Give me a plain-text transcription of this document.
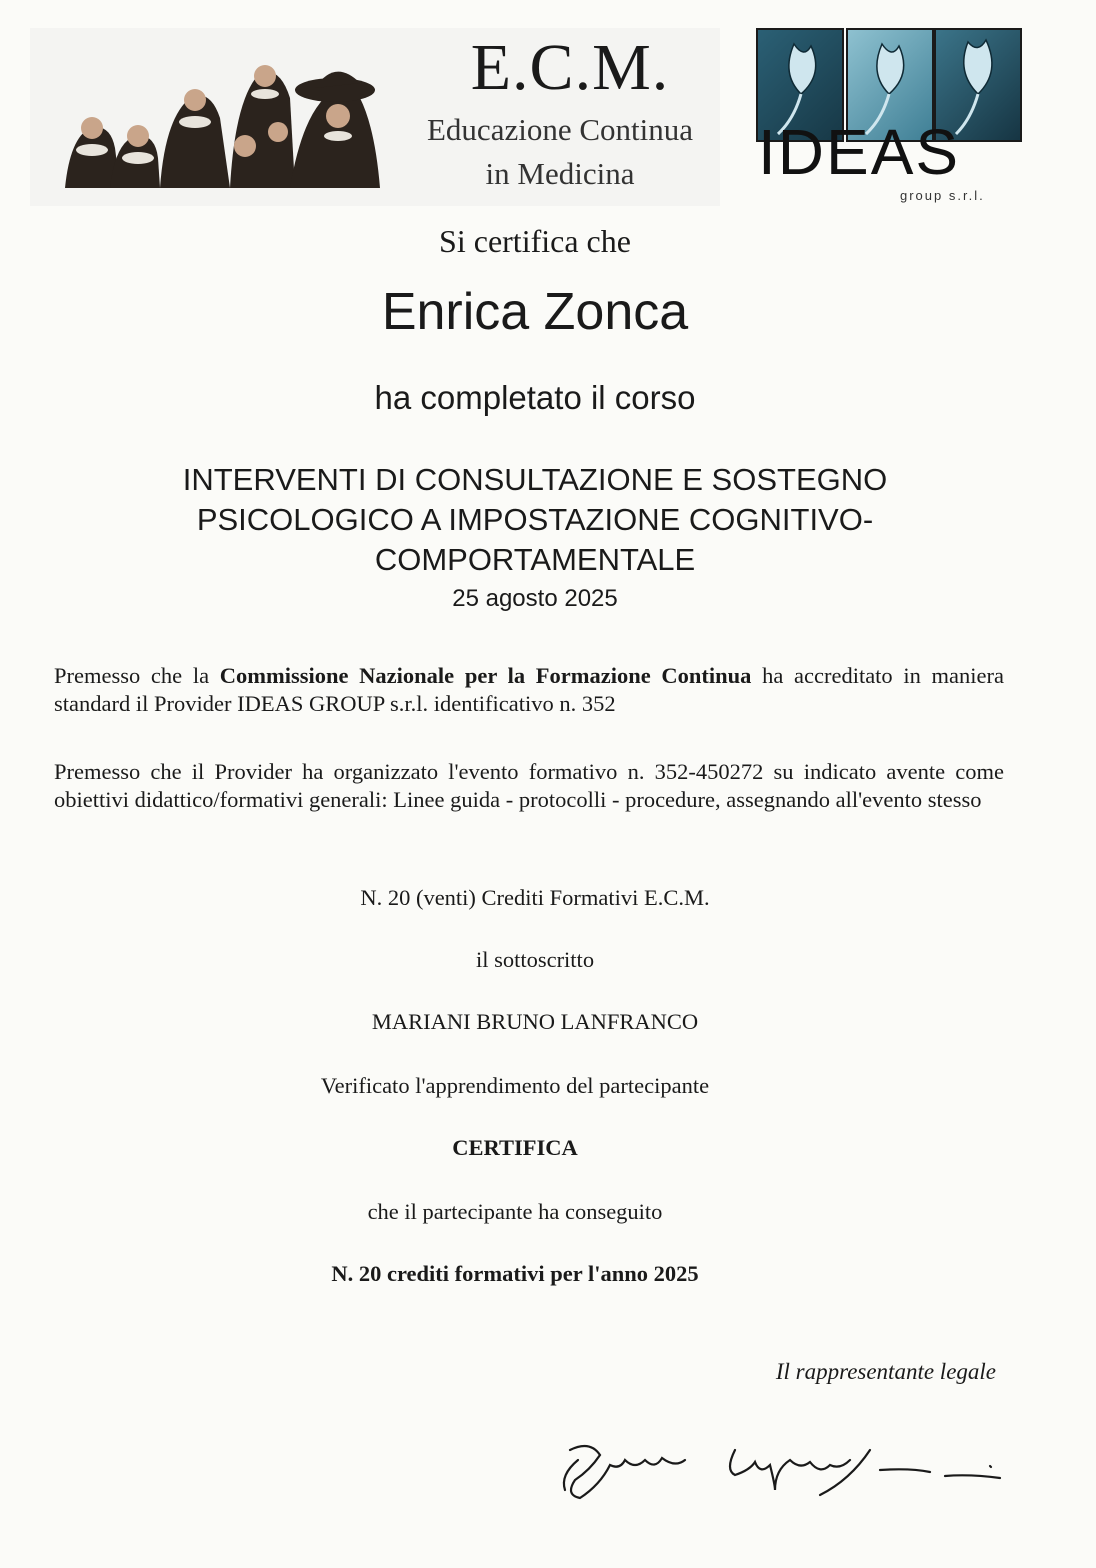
E.C.M.
Educazione Continua
in Medicina	IDEAS
group s.r.l.
Si certifica che
Enrica Zonca
ha completato il corso
INTERVENTI DI CONSULTAZIONE E SOSTEGNO
PSICOLOGICO A IMPOSTAZIONE COGNITIVO-
COMPORTAMENTALE
25 agosto 2025
Premesso che la Commissione Nazionale per la Formazione Continua ha accreditato in maniera standard il Provider IDEAS GROUP s.r.l. identificativo n. 352
Premesso che il Provider ha organizzato l'evento formativo n. 352-450272 su indicato avente come obiettivi didattico/formativi generali: Linee guida - protocolli - procedure, assegnando all'evento stesso
N. 20 (venti) Crediti Formativi E.C.M.
il sottoscritto
MARIANI BRUNO LANFRANCO
Verificato l'apprendimento del partecipante
CERTIFICA
che il partecipante ha conseguito
N. 20 crediti formativi per l'anno 2025
Il rappresentante legale
